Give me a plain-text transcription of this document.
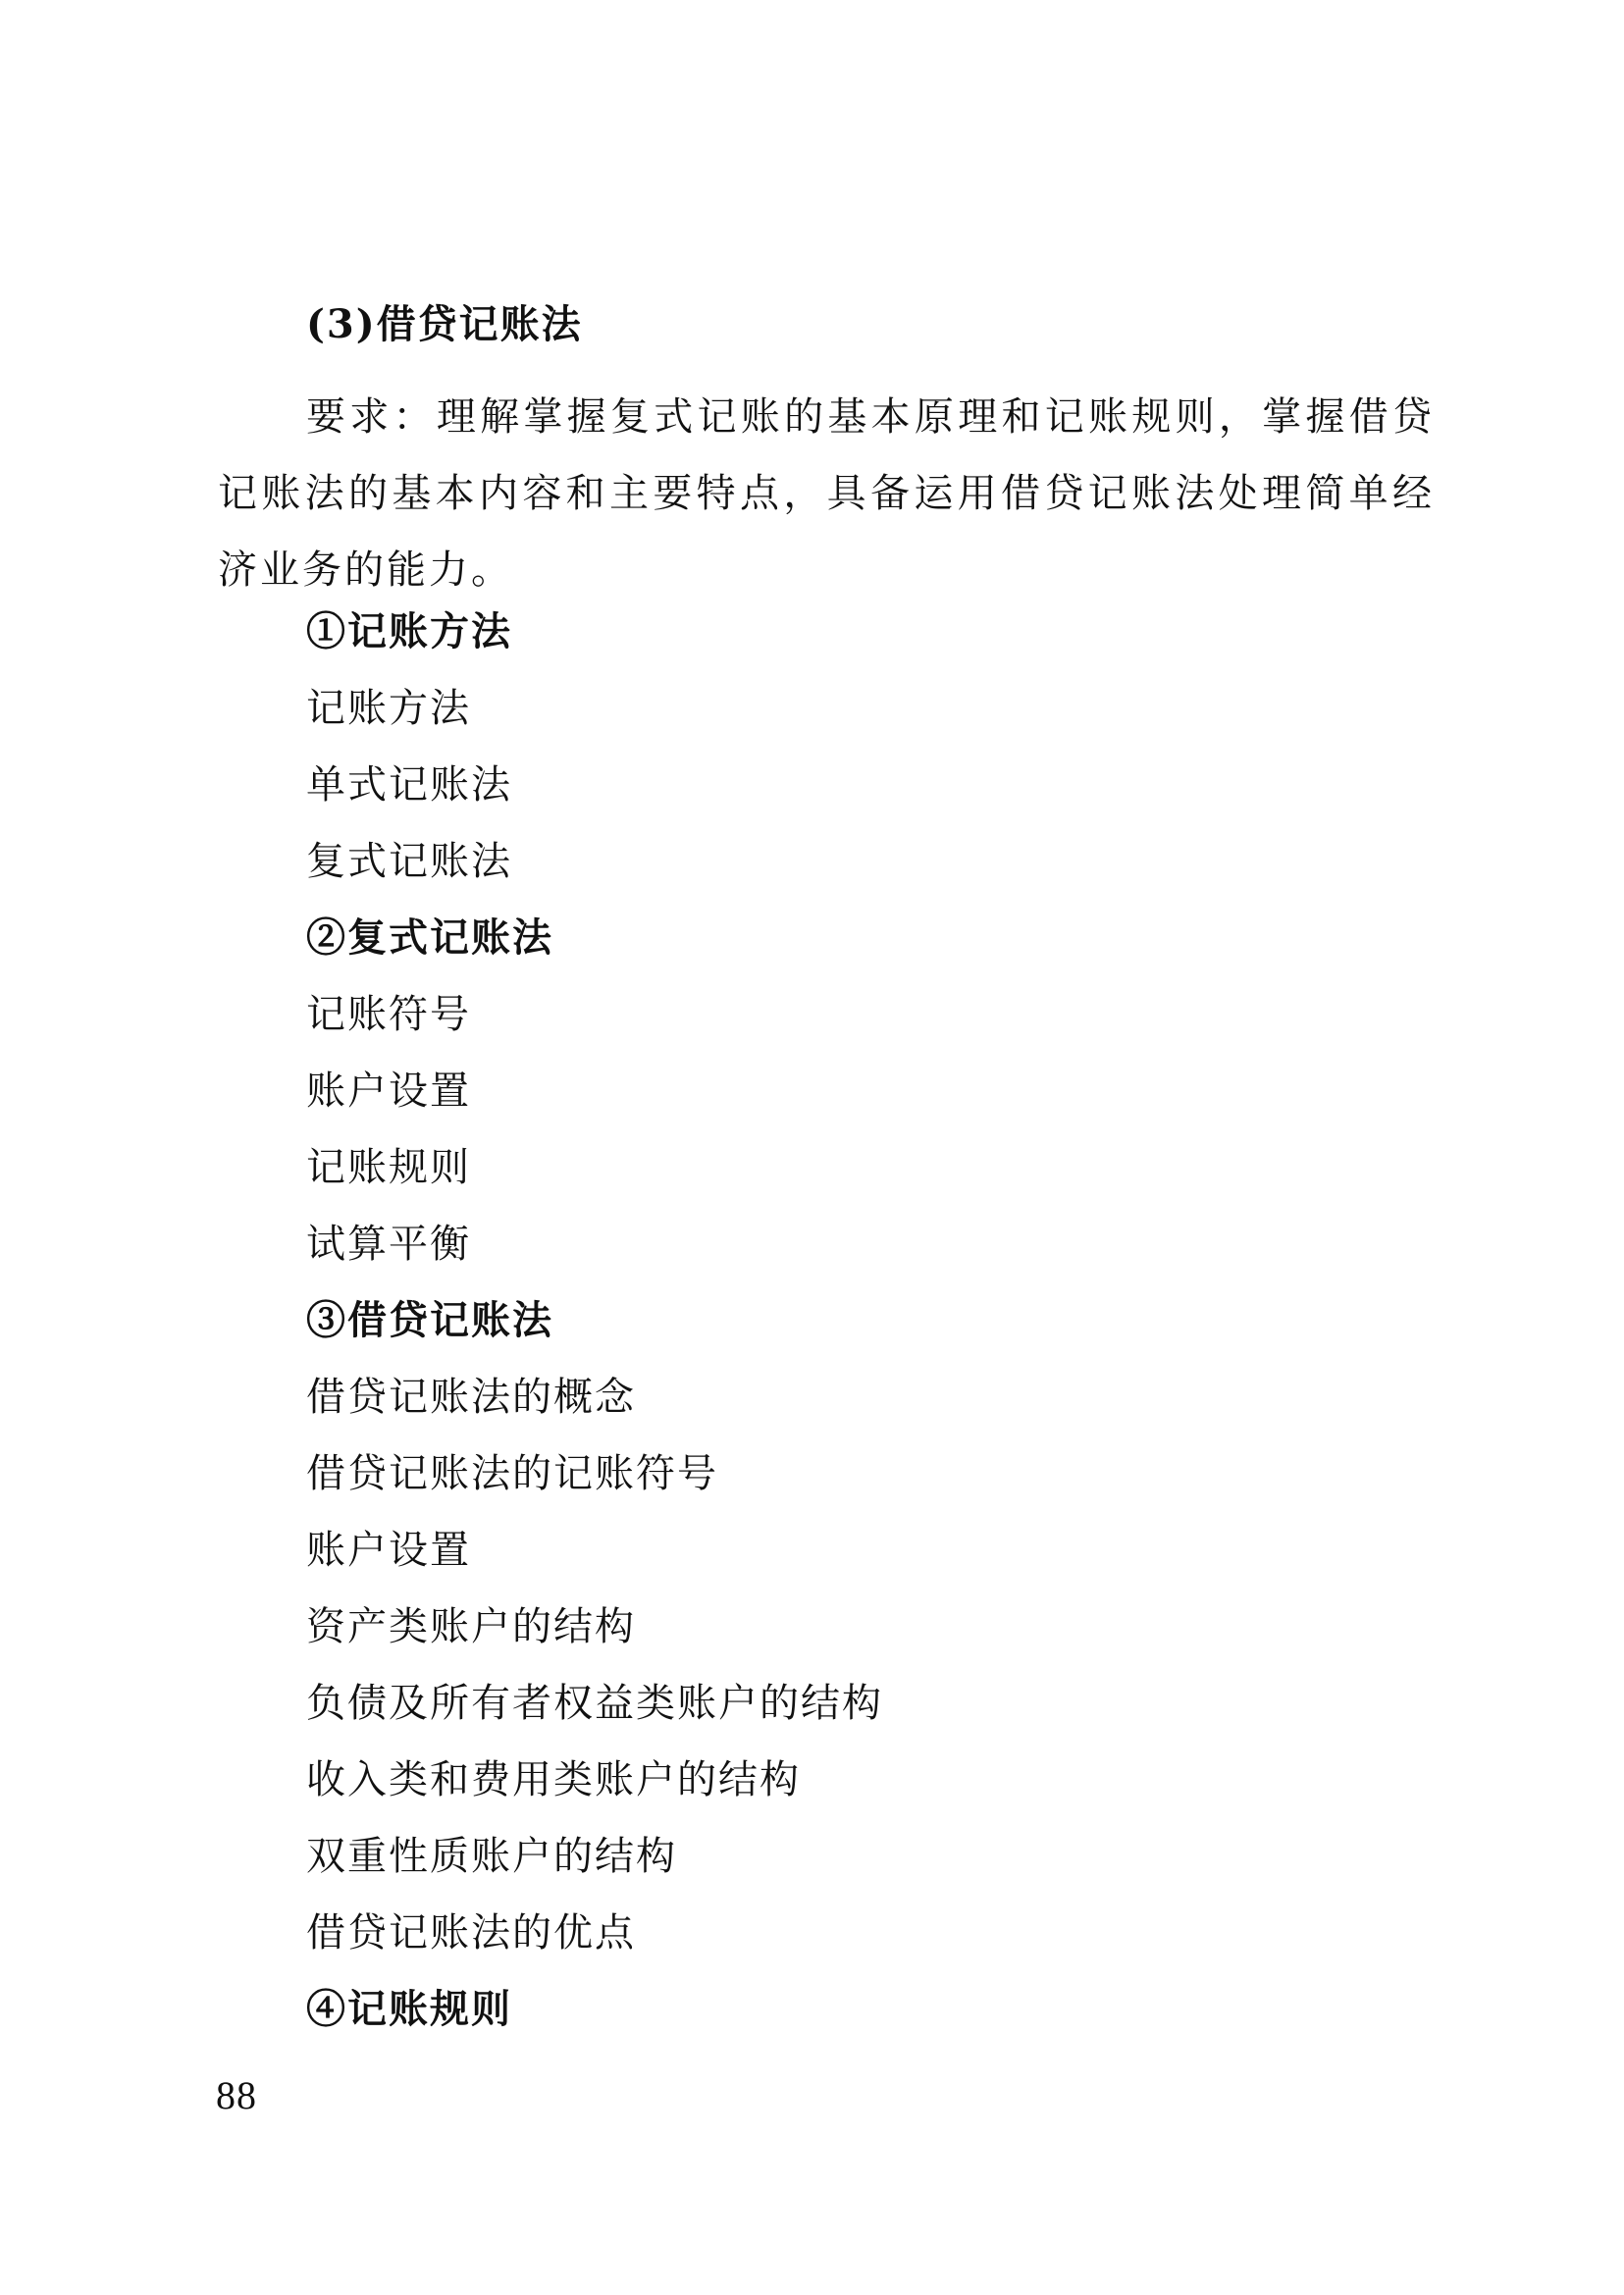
(3)借贷记账法
要求：理解掌握复式记账的基本原理和记账规则，掌握借贷记账法的基本内容和主要特点，具备运用借贷记账法处理简单经济业务的能力。
①记账方法
记账方法
单式记账法
复式记账法
②复式记账法
记账符号
账户设置
记账规则
试算平衡
③借贷记账法
借贷记账法的概念
借贷记账法的记账符号
账户设置
资产类账户的结构
负债及所有者权益类账户的结构
收入类和费用类账户的结构
双重性质账户的结构
借贷记账法的优点
④记账规则
88
